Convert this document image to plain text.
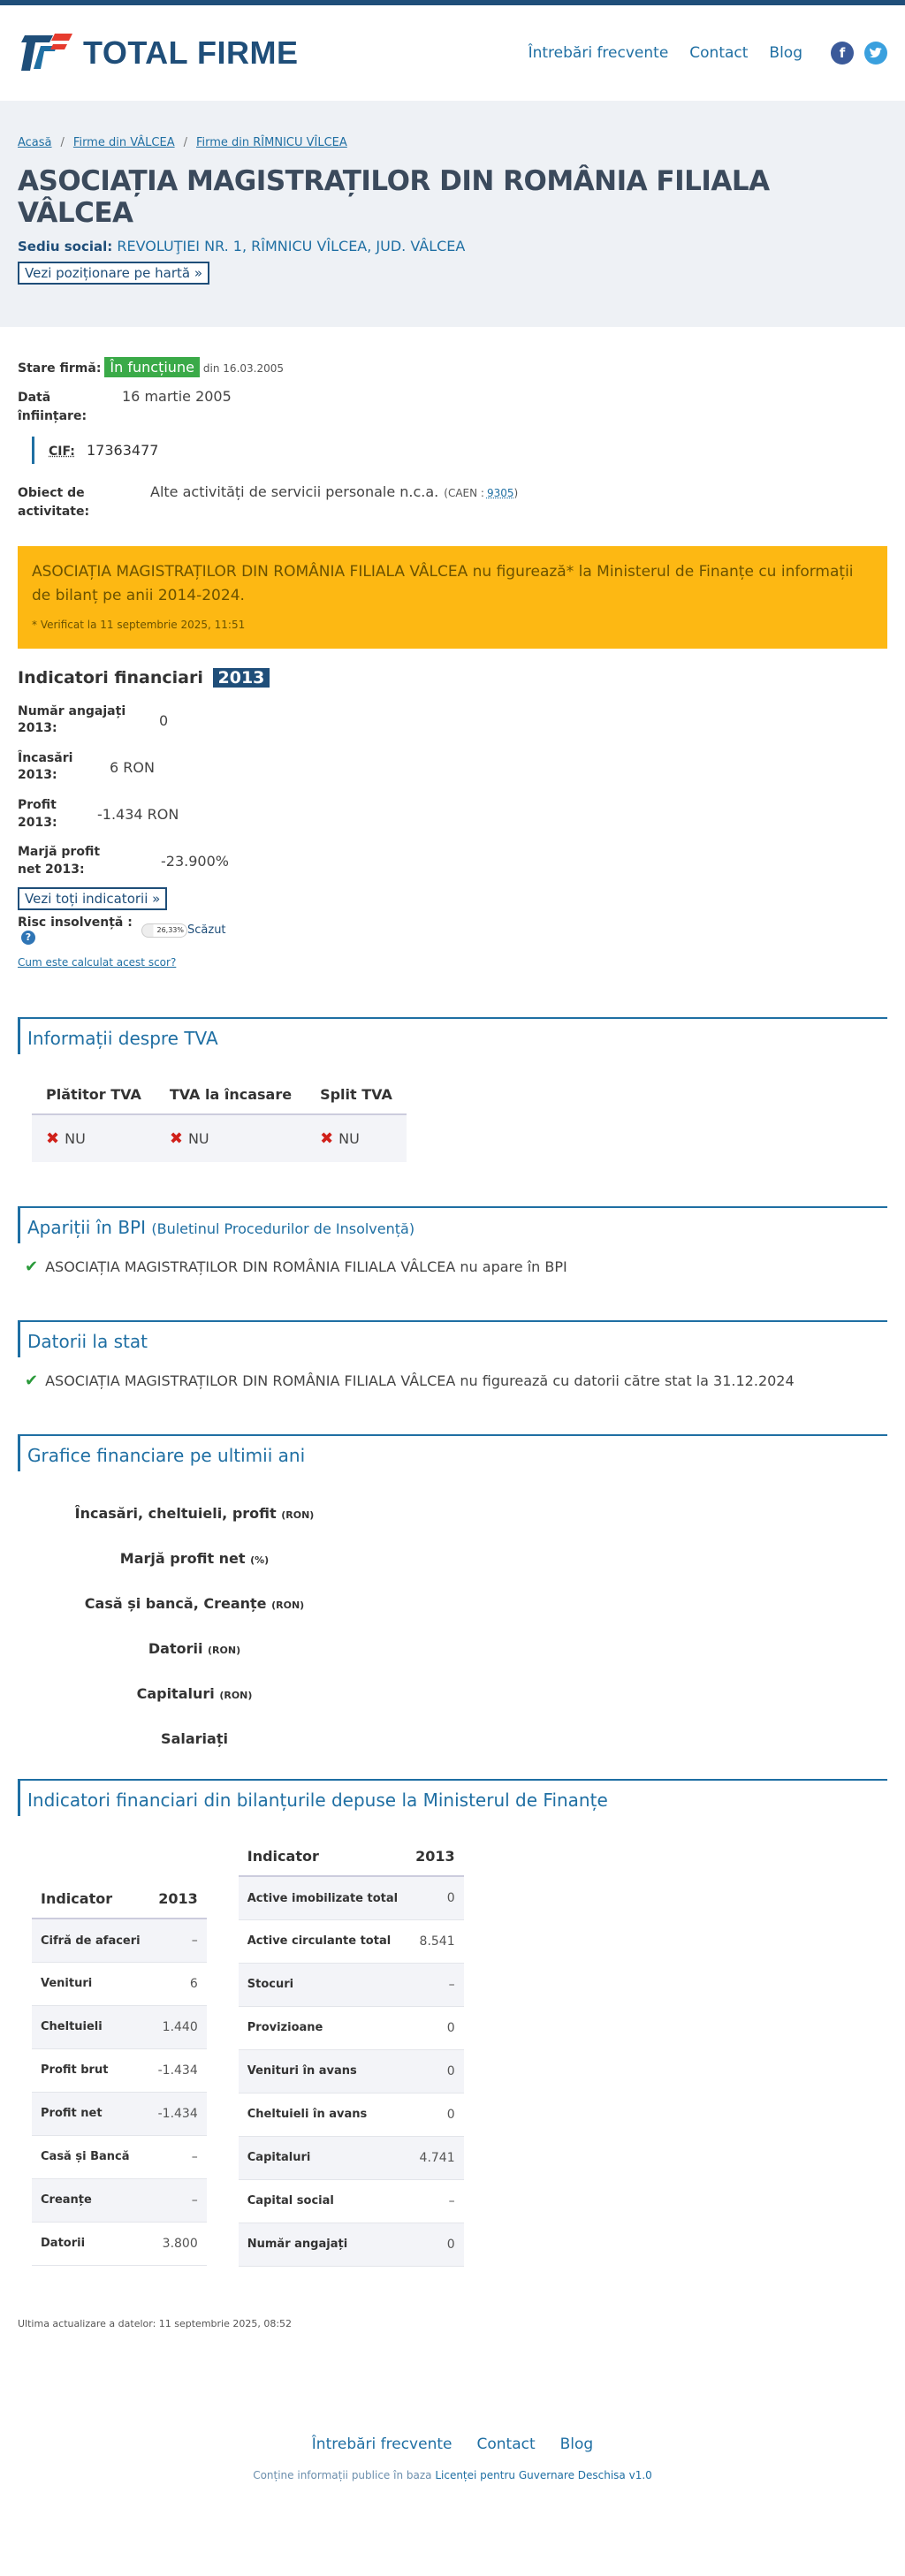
TOTAL FIRME	Întrebări frecvente Contact Blog	f
Acasă / Firme din VÂLCEA / Firme din RÎMNICU VÎLCEA
ASOCIAȚIA MAGISTRAȚILOR DIN ROMÂNIA FILIALA VÂLCEA
Sediu social: REVOLUŢIEI NR. 1, RÎMNICU VÎLCEA, JUD. VÂLCEA
Vezi poziționare pe hartă »
Stare firmă: În funcțiune din 16.03.2005
Dată înființare:
16 martie 2005
CIF: 17363477
Obiect de activitate:
Alte activități de servicii personale n.c.a. (CAEN : 9305 )

ASOCIAȚIA MAGISTRAȚILOR DIN ROMÂNIA FILIALA VÂLCEA nu figurează* la Ministerul de Finanțe cu informații de bilanț pe anii 2014-2024.

* Verificat la 11 septembrie 2025, 11:51

Indicatori financiari 2013
Număr angajați 2013:	0
Încasări 2013:	6 RON
Profit 2013:	-1.434 RON
Marjă profit net 2013:	-23.900%
Vezi toți indicatorii »
Risc insolvență : ?
26,33% Scăzut
Cum este calculat acest scor?
Informații despre TVA
Plătitor TVA	TVA la încasare	Split TVA
✖ NU	✖ NU	✖ NU
Apariții în BPI (Buletinul Procedurilor de Insolvență)
✔ ASOCIAȚIA MAGISTRAȚILOR DIN ROMÂNIA FILIALA VÂLCEA nu apare în BPI
Datorii la stat
✔ ASOCIAȚIA MAGISTRAȚILOR DIN ROMÂNIA FILIALA VÂLCEA nu figurează cu datorii către stat la 31.12.2024
Grafice financiare pe ultimii ani
Încasări, cheltuieli, profit (RON)
Marjă profit net (%)
Casă și bancă, Creanțe (RON)
Datorii (RON)
Capitaluri (RON)
Salariați
Indicatori financiari din bilanțurile depuse la Ministerul de Finanțe
Indicator	2013
Cifră de afaceri	–
Venituri	6
Cheltuieli	1.440
Profit brut	-1.434
Profit net	-1.434
Casă și Bancă	–
Creanțe	–
Datorii	3.800
Indicator	2013
Active imobilizate total	0
Active circulante total	8.541
Stocuri	–
Provizioane	0
Venituri în avans	0
Cheltuieli în avans	0
Capitaluri	4.741
Capital social	–
Număr angajați	0

Ultima actualizare a datelor: 11 septembrie 2025, 08:52

Întrebări frecvente Contact Blog

Conține informații publice în baza Licenței pentru Guvernare Deschisa v1.0
